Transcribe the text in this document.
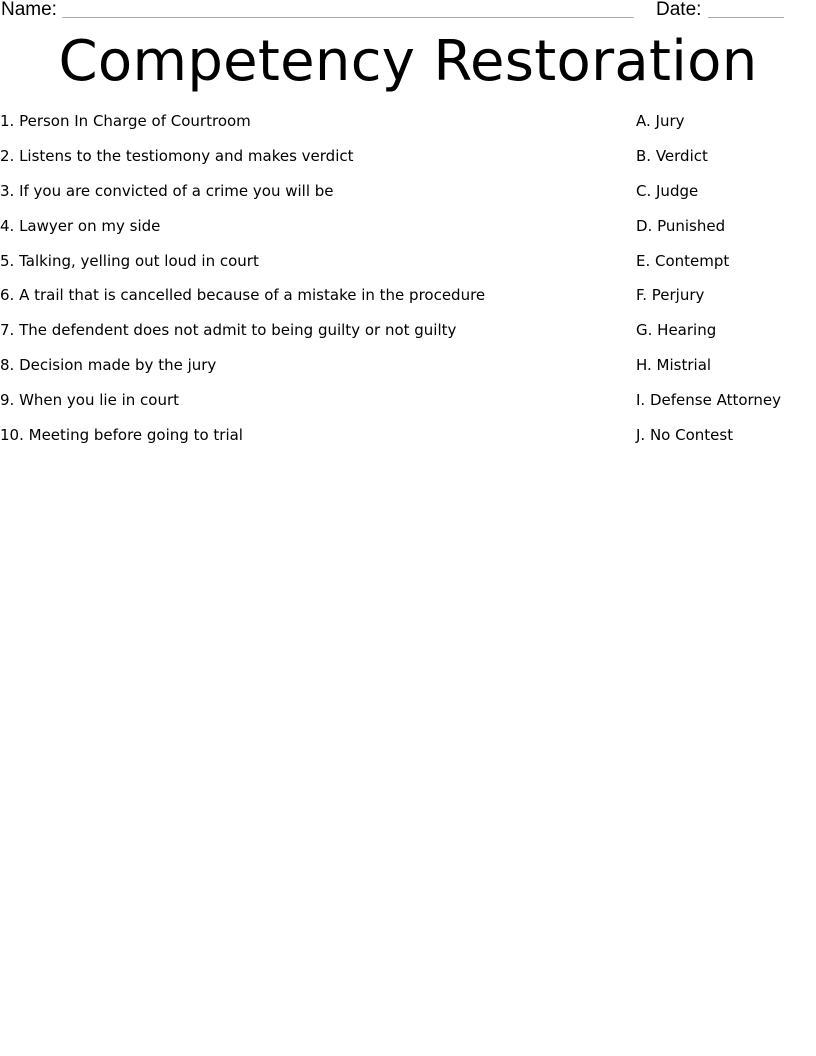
Name:	Date:
Competency Restoration
1. Person In Charge of Courtroom
2. Listens to the testiomony and makes verdict
3. If you are convicted of a crime you will be
4. Lawyer on my side
5. Talking, yelling out loud in court
6. A trail that is cancelled because of a mistake in the procedure
7. The defendent does not admit to being guilty or not guilty
8. Decision made by the jury
9. When you lie in court
10. Meeting before going to trial
A. Jury
B. Verdict
C. Judge
D. Punished
E. Contempt
F. Perjury
G. Hearing
H. Mistrial
I. Defense Attorney
J. No Contest
